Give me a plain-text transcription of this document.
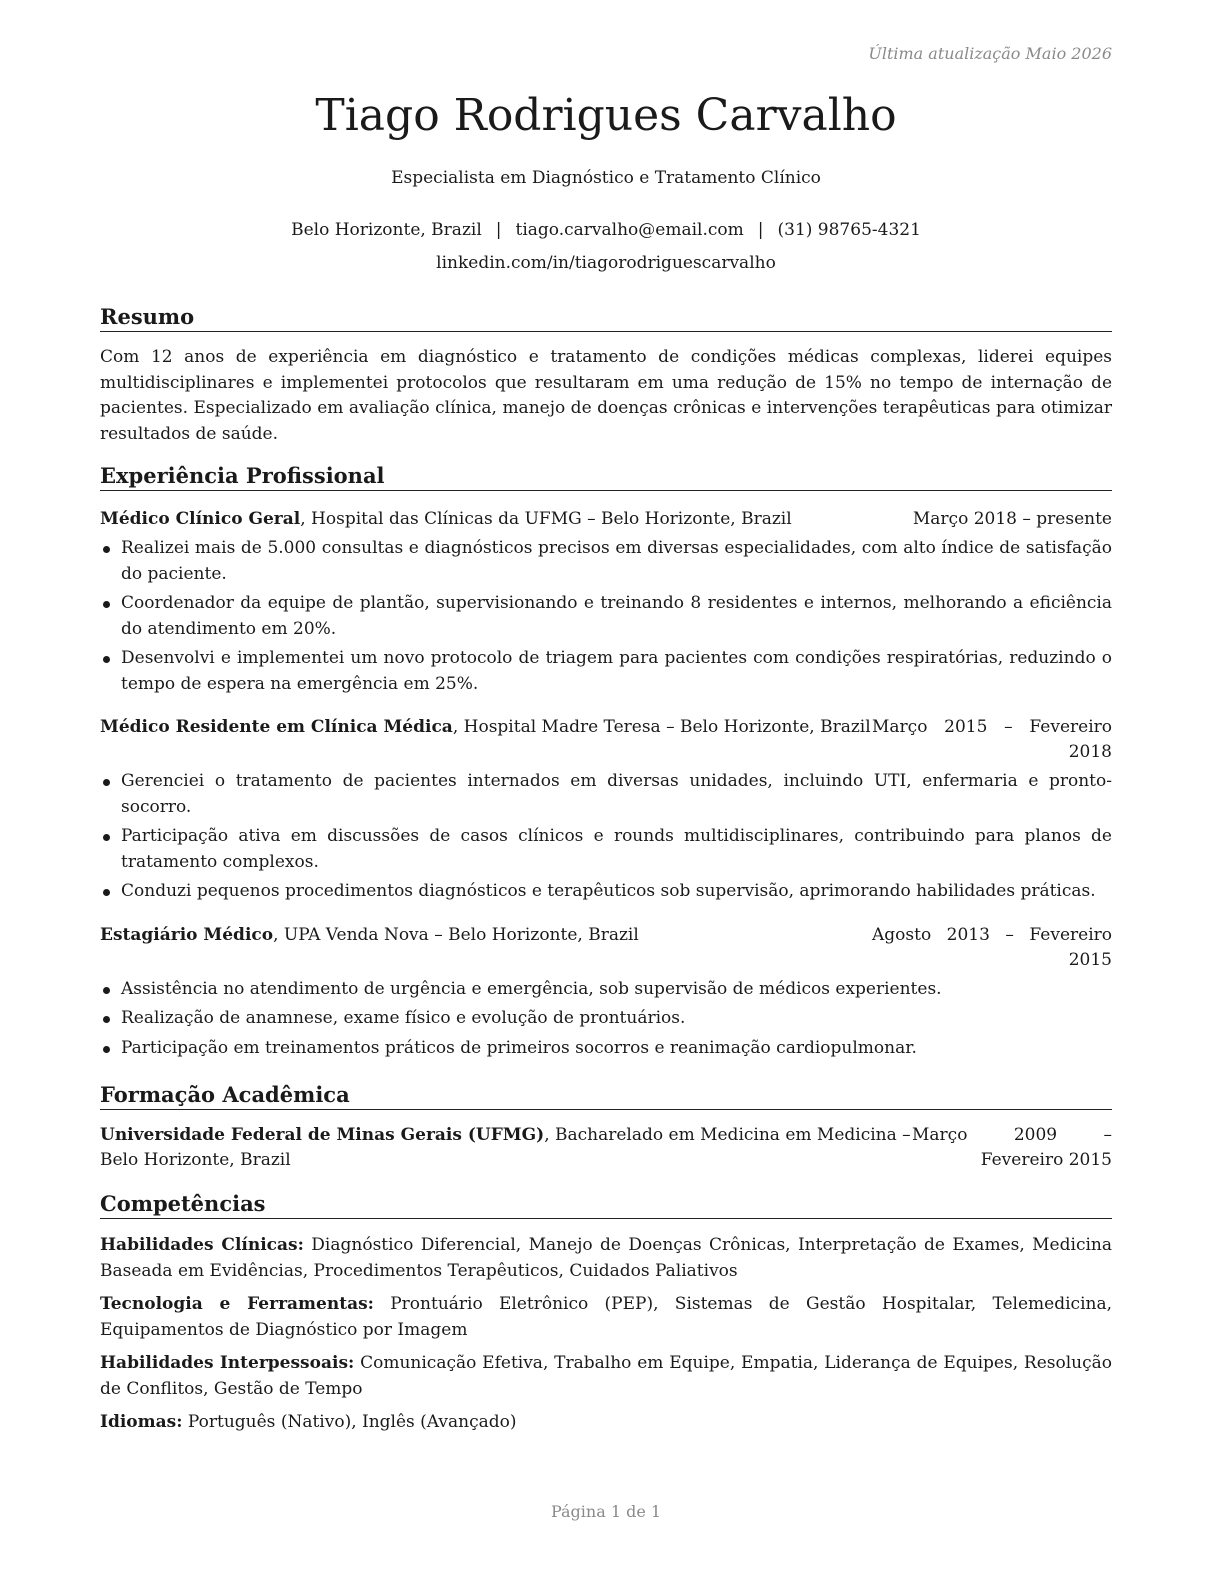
Última atualização Maio 2026
Tiago Rodrigues Carvalho
Especialista em Diagnóstico e Tratamento Clínico
Belo Horizonte, Brazil | tiago.carvalho@email.com | (31) 98765-4321
linkedin.com/in/tiagorodriguescarvalho
Resumo
Com 12 anos de experiência em diagnóstico e tratamento de condições médicas complexas, liderei equipes multidisciplinares e implementei protocolos que resultaram em uma redução de 15% no tempo de internação de pacientes. Especializado em avaliação clínica, manejo de doenças crônicas e intervenções terapêuticas para otimizar resultados de saúde.
Experiência Profissional
Médico Clínico Geral, Hospital das Clínicas da UFMG – Belo Horizonte, Brazil	Março 2018 – presente
Realizei mais de 5.000 consultas e diagnósticos precisos em diversas especialidades, com alto índice de satisfação do paciente.
Coordenador da equipe de plantão, supervisionando e treinando 8 residentes e internos, melhorando a eficiência do atendimento em 20%.
Desenvolvi e implementei um novo protocolo de triagem para pacientes com condições respiratórias, reduzindo o tempo de espera na emergência em 25%.
Médico Residente em Clínica Médica, Hospital Madre Teresa – Belo Horizonte, Brazil Março 2015 – Fevereiro 2018
Gerenciei o tratamento de pacientes internados em diversas unidades, incluindo UTI, enfermaria e pronto-socorro.
Participação ativa em discussões de casos clínicos e rounds multidisciplinares, contribuindo para planos de tratamento complexos.
Conduzi pequenos procedimentos diagnósticos e terapêuticos sob supervisão, aprimorando habilidades práticas.
Estagiário Médico, UPA Venda Nova – Belo Horizonte, Brazil	Agosto 2013 – Fevereiro 2015
Assistência no atendimento de urgência e emergência, sob supervisão de médicos experientes.
Realização de anamnese, exame físico e evolução de prontuários.
Participação em treinamentos práticos de primeiros socorros e reanimação cardiopulmonar.
Formação Acadêmica
Universidade Federal de Minas Gerais (UFMG), Bacharelado em Medicina em Medicina – Belo Horizonte, Brazil
Março 2009 – Fevereiro 2015
Competências
Habilidades Clínicas: Diagnóstico Diferencial, Manejo de Doenças Crônicas, Interpretação de Exames, Medicina Baseada em Evidências, Procedimentos Terapêuticos, Cuidados Paliativos
Tecnologia e Ferramentas: Prontuário Eletrônico (PEP), Sistemas de Gestão Hospitalar, Telemedicina, Equipamentos de Diagnóstico por Imagem
Habilidades Interpessoais: Comunicação Efetiva, Trabalho em Equipe, Empatia, Liderança de Equipes, Resolução de Conflitos, Gestão de Tempo
Idiomas: Português (Nativo), Inglês (Avançado)
Página 1 de 1
